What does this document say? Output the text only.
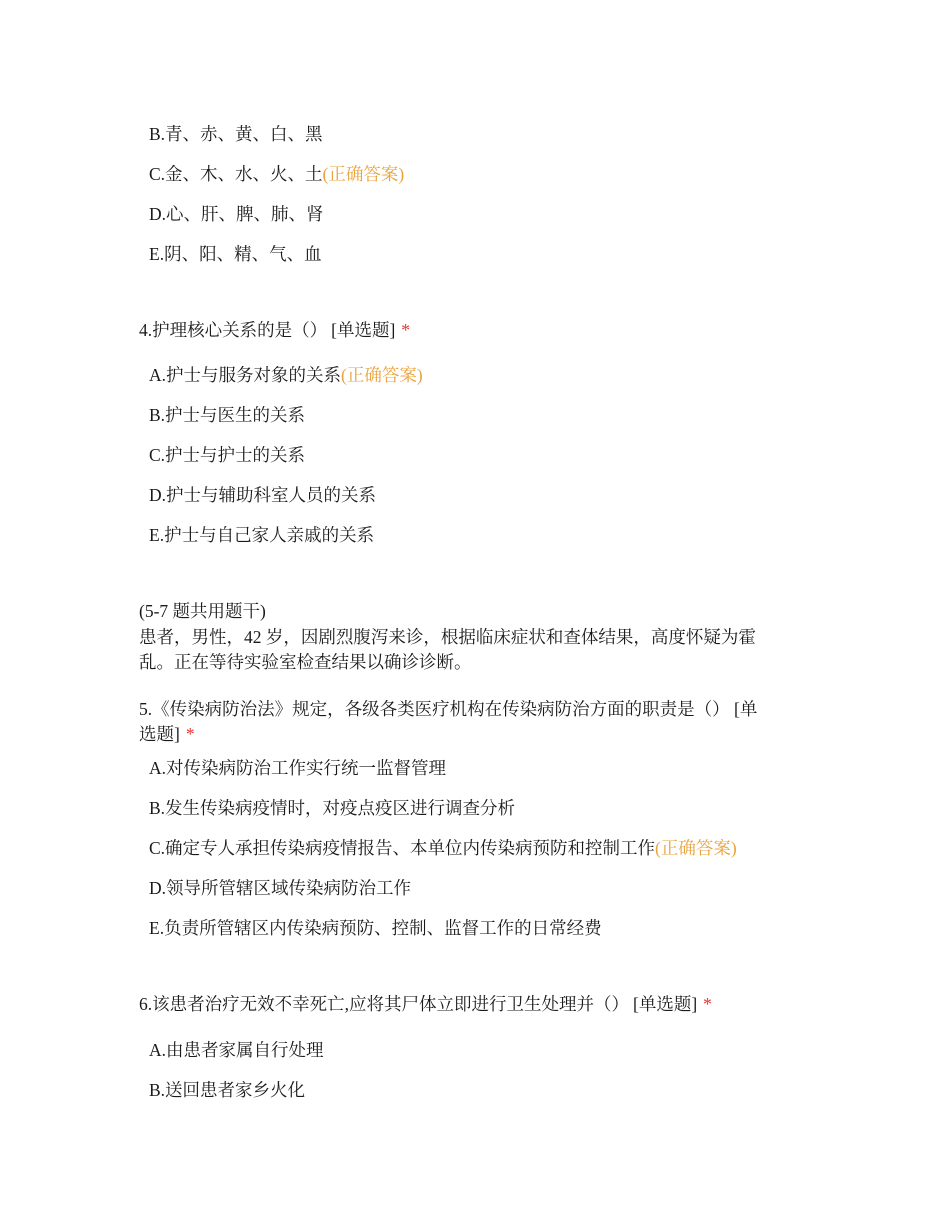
B.青、赤、黄、白、黑
C.金、木、水、火、土(正确答案)
D.心、肝、脾、肺、肾
E.阴、阳、精、气、血
4.护理核心关系的是（） [单选题] *
A.护士与服务对象的关系(正确答案)
B.护士与医生的关系
C.护士与护士的关系
D.护士与辅助科室人员的关系
E.护士与自己家人亲戚的关系
(5-7 题共用题干)
患者，男性，42 岁，因剧烈腹泻来诊，根据临床症状和查体结果，高度怀疑为霍
乱。正在等待实验室检查结果以确诊诊断。
5.《传染病防治法》规定，各级各类医疗机构在传染病防治方面的职责是（） [单
选题] *
A.对传染病防治工作实行统一监督管理
B.发生传染病疫情时，对疫点疫区进行调查分析
C.确定专人承担传染病疫情报告、本单位内传染病预防和控制工作(正确答案)
D.领导所管辖区域传染病防治工作
E.负责所管辖区内传染病预防、控制、监督工作的日常经费
6.该患者治疗无效不幸死亡,应将其尸体立即进行卫生处理并（） [单选题] *
A.由患者家属自行处理
B.送回患者家乡火化
